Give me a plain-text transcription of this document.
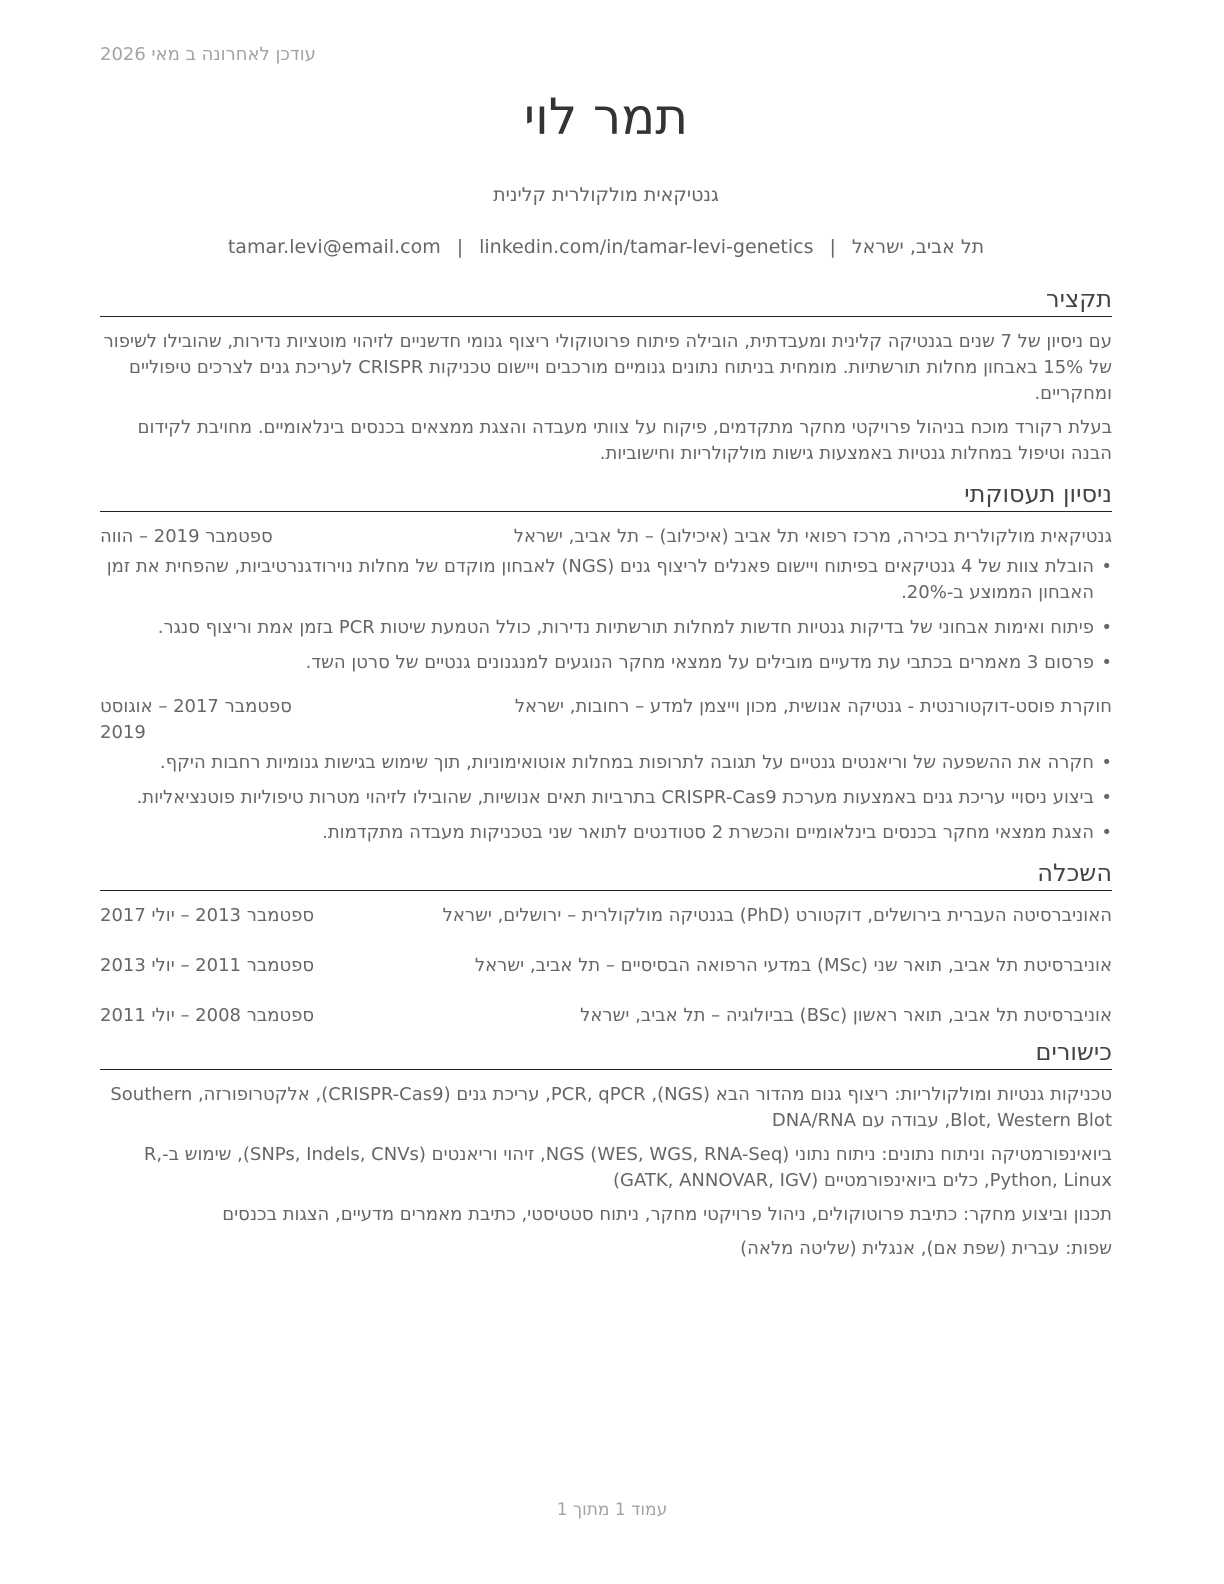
עודכן לאחרונה ב מאי 2026
תמר לוי
גנטיקאית מולקולרית קלינית
תל אביב, ישראל|tamar.levi@email.com | linkedin.com/in/tamar-levi-genetics
תקציר

עם ניסיון של 7 שנים בגנטיקה קלינית ומעבדתית, הובילה פיתוח פרוטוקולי ריצוף גנומי חדשניים לזיהוי מוטציות נדירות, שהובילו לשיפור של 15% באבחון מחלות תורשתיות. מומחית בניתוח נתונים גנומיים מורכבים ויישום טכניקות CRISPR לעריכת גנים לצרכים טיפוליים ומחקריים.

בעלת רקורד מוכח בניהול פרויקטי מחקר מתקדמים, פיקוח על צוותי מעבדה והצגת ממצאים בכנסים בינלאומיים. מחויבת לקידום הבנה וטיפול במחלות גנטיות באמצעות גישות מולקולריות וחישוביות.

ניסיון תעסוקתי
גנטיקאית מולקולרית בכירה, מרכז רפואי תל אביב (איכילוב) – תל אביב, ישראל
ספטמבר 2019 – הווה
• הובלת צוות של 4 גנטיקאים בפיתוח ויישום פאנלים לריצוף גנים (NGS) לאבחון מוקדם של מחלות נוירודגנרטיביות, שהפחית את זמן האבחון הממוצע ב-20%.
• פיתוח ואימות אבחוני של בדיקות גנטיות חדשות למחלות תורשתיות נדירות, כולל הטמעת שיטות PCR בזמן אמת וריצוף סנגר.
• פרסום 3 מאמרים בכתבי עת מדעיים מובילים על ממצאי מחקר הנוגעים למנגנונים גנטיים של סרטן השד.
חוקרת פוסט-דוקטורנטית - גנטיקה אנושית, מכון וייצמן למדע – רחובות, ישראל
ספטמבר 2017 – אוגוסט 2019
• חקרה את ההשפעה של וריאנטים גנטיים על תגובה לתרופות במחלות אוטואימוניות, תוך שימוש בגישות גנומיות רחבות היקף.
• ביצוע ניסויי עריכת גנים באמצעות מערכת CRISPR-Cas9 בתרביות תאים אנושיות, שהובילו לזיהוי מטרות טיפוליות פוטנציאליות.
• הצגת ממצאי מחקר בכנסים בינלאומיים והכשרת 2 סטודנטים לתואר שני בטכניקות מעבדה מתקדמות.
השכלה
האוניברסיטה העברית בירושלים, דוקטורט (PhD) בגנטיקה מולקולרית – ירושלים, ישראל
ספטמבר 2013 – יולי 2017
אוניברסיטת תל אביב, תואר שני (MSc) במדעי הרפואה הבסיסיים – תל אביב, ישראל
ספטמבר 2011 – יולי 2013
אוניברסיטת תל אביב, תואר ראשון (BSc) בביולוגיה – תל אביב, ישראל
ספטמבר 2008 – יולי 2011
כישורים
טכניקות גנטיות ומולקולריות: ריצוף גנום מהדור הבא (NGS), PCR, qPCR, עריכת גנים (CRISPR-Cas9), אלקטרופורזה, Southern Blot, Western Blot, עבודה עם DNA/RNA
ביואינפורמטיקה וניתוח נתונים: ניתוח נתוני NGS (WES, WGS, RNA-Seq), זיהוי וריאנטים (SNPs, Indels, CNVs), שימוש ב-R, Python, Linux, כלים ביואינפורמטיים (GATK, ANNOVAR, IGV)
תכנון וביצוע מחקר: כתיבת פרוטוקולים, ניהול פרויקטי מחקר, ניתוח סטטיסטי, כתיבת מאמרים מדעיים, הצגות בכנסים
שפות: עברית (שפת אם), אנגלית (שליטה מלאה)
עמוד 1 מתוך 1
